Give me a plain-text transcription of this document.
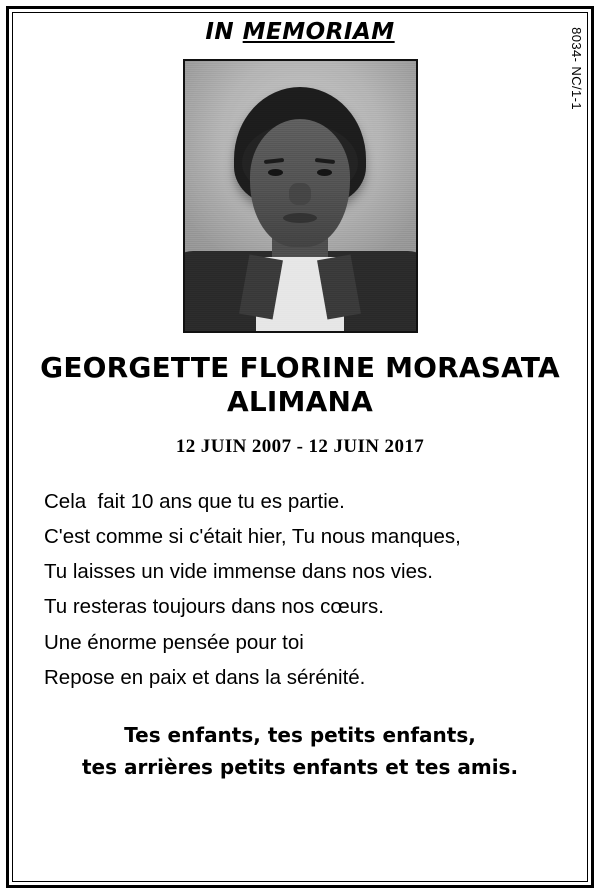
IN MEMORIAM
GEORGETTE FLORINE MORASATA
ALIMANA
12 JUIN 2007 - 12 JUIN 2017
Cela  fait 10 ans que tu es partie.
C'est comme si c'était hier, Tu nous manques,
Tu laisses un vide immense dans nos vies.
Tu resteras toujours dans nos cœurs.
Une énorme pensée pour toi
Repose en paix et dans la sérénité.
Tes enfants, tes petits enfants,
tes arrières petits enfants et tes amis.
8034- NC/1-1
